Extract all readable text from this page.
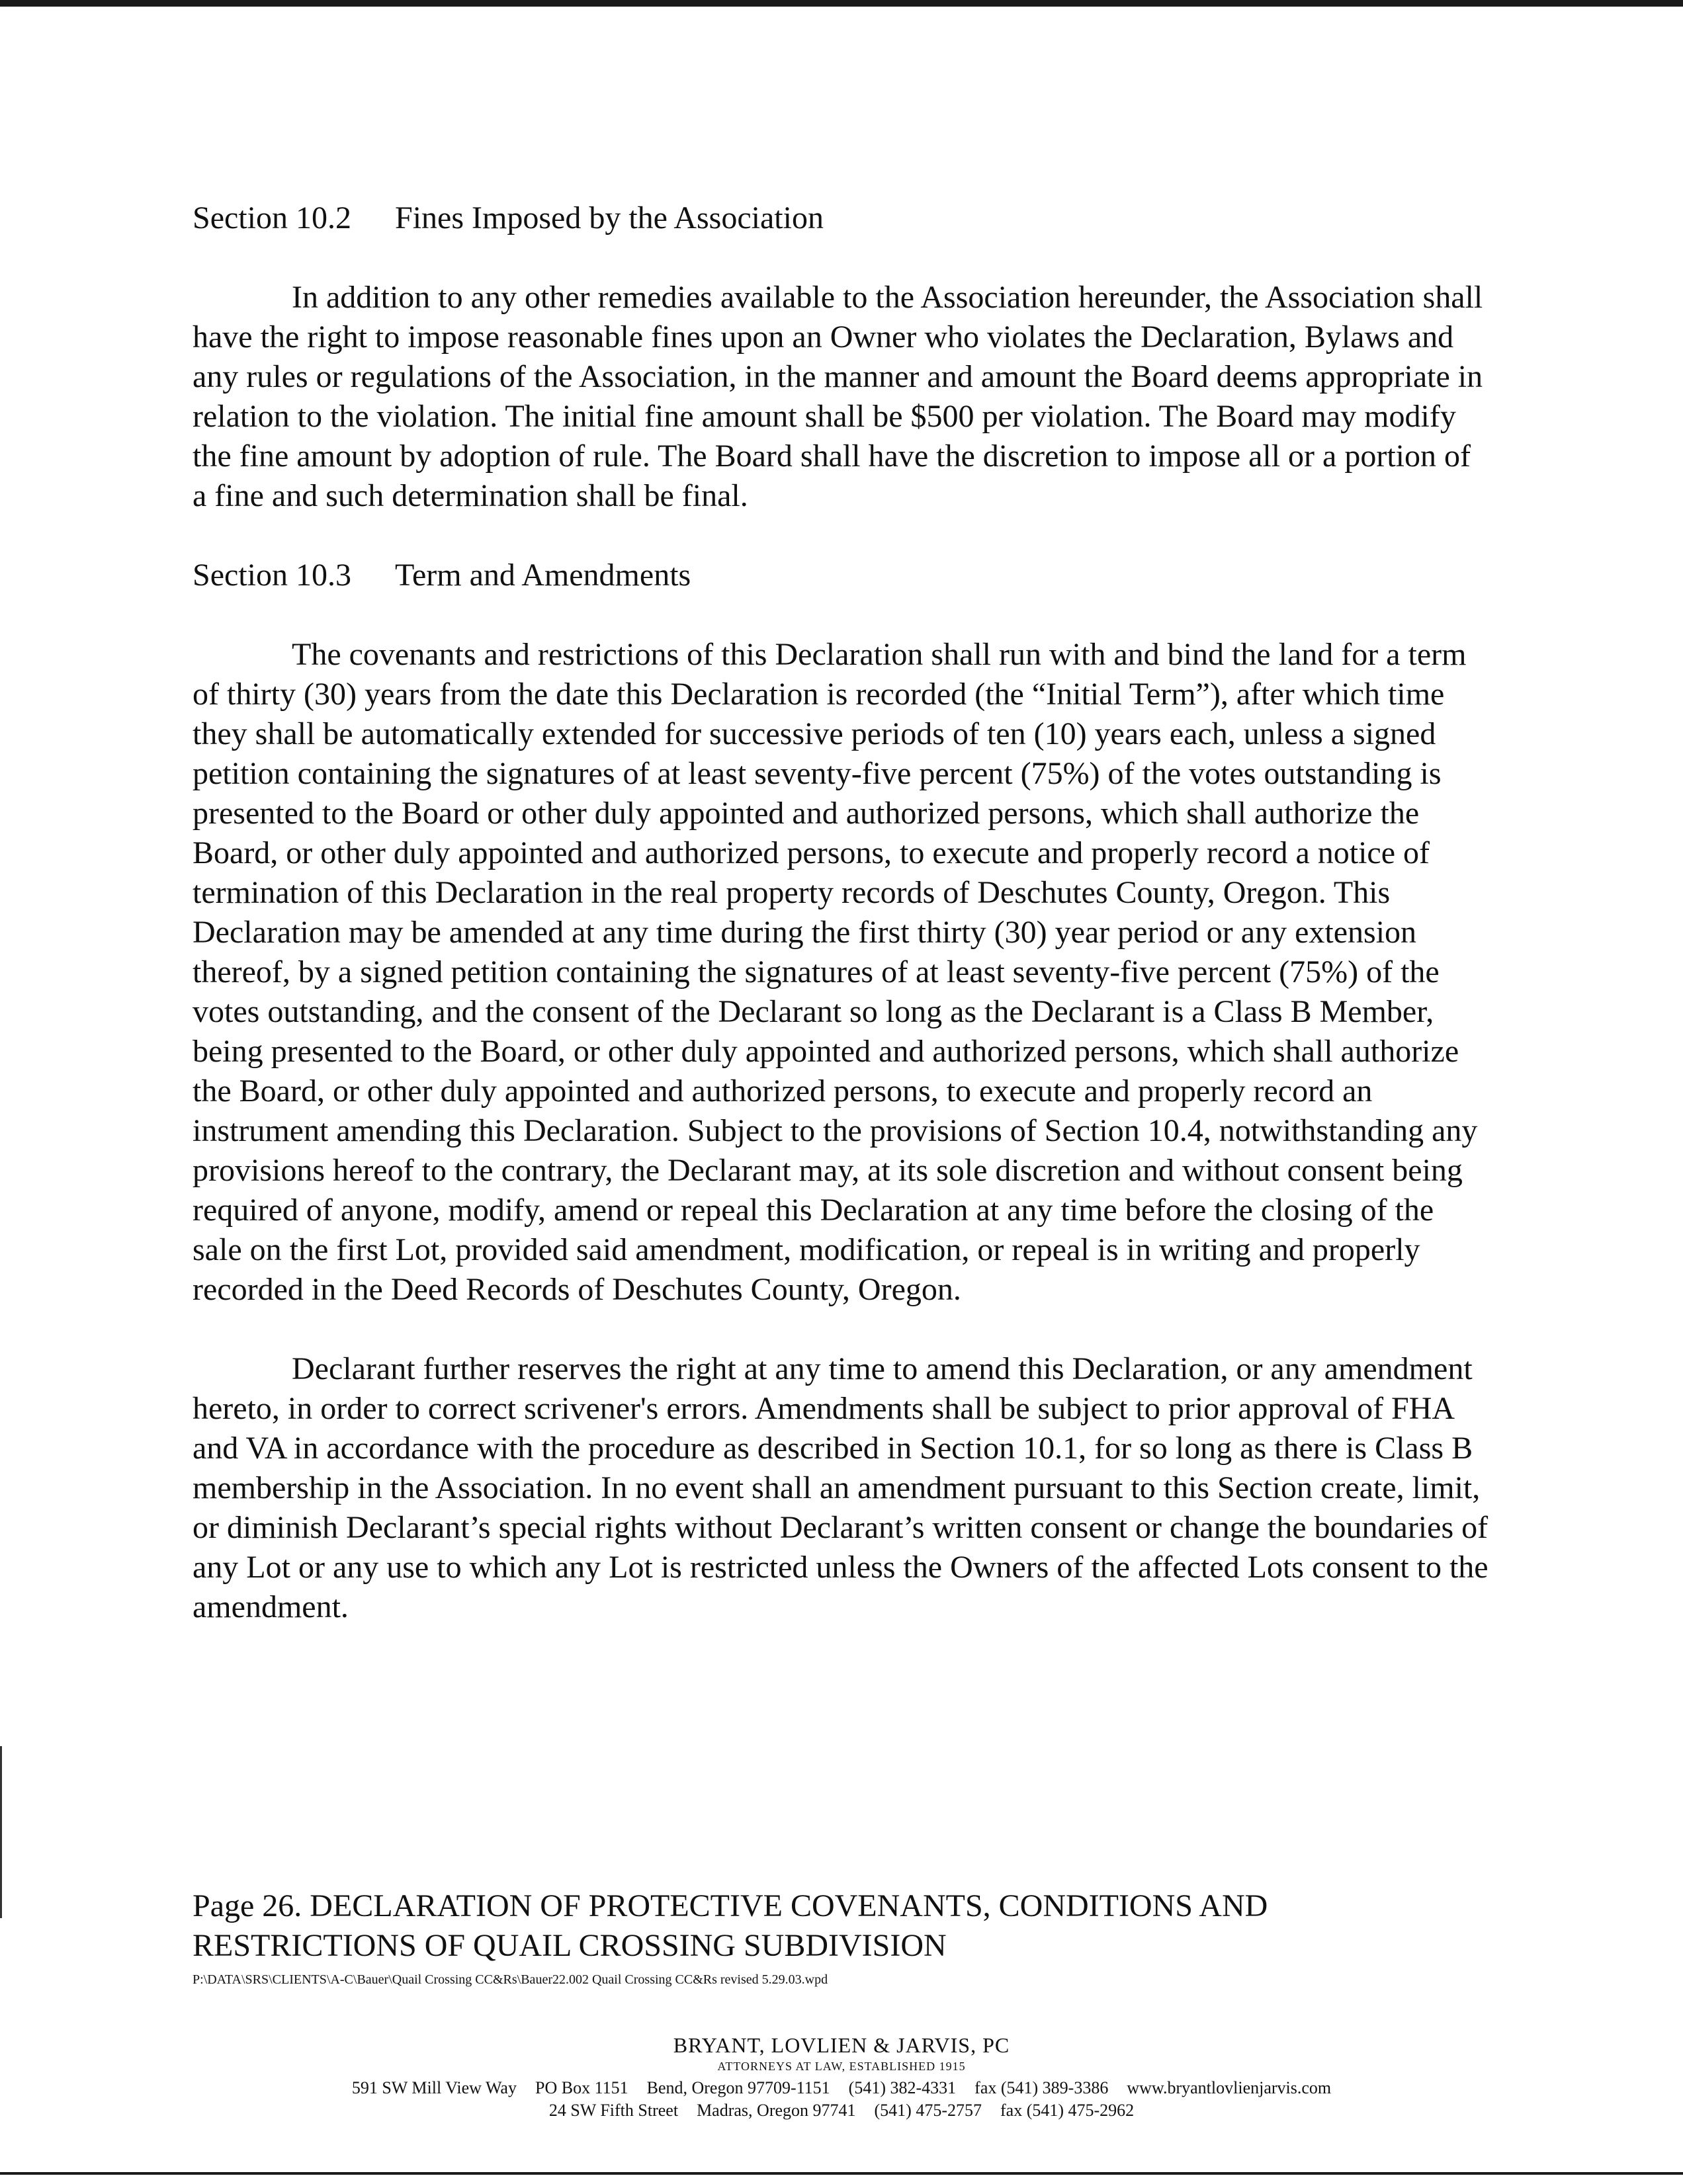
Section 10.2 Fines Imposed by the Association

In addition to any other remedies available to the Association hereunder, the Association shall have the right to impose reasonable fines upon an Owner who violates the Declaration, Bylaws and any rules or regulations of the Association, in the manner and amount the Board deems appropriate in relation to the violation. The initial fine amount shall be $500 per violation. The Board may modify the fine amount by adoption of rule. The Board shall have the discretion to impose all or a portion of a fine and such determination shall be final.

Section 10.3 Term and Amendments

The covenants and restrictions of this Declaration shall run with and bind the land for a term of thirty (30) years from the date this Declaration is recorded (the “Initial Term”), after which time they shall be automatically extended for successive periods of ten (10) years each, unless a signed petition containing the signatures of at least seventy-five percent (75%) of the votes outstanding is presented to the Board or other duly appointed and authorized persons, which shall authorize the Board, or other duly appointed and authorized persons, to execute and properly record a notice of termination of this Declaration in the real property records of Deschutes County, Oregon. This Declaration may be amended at any time during the first thirty (30) year period or any extension thereof, by a signed petition containing the signatures of at least seventy-five percent (75%) of the votes outstanding, and the consent of the Declarant so long as the Declarant is a Class B Member, being presented to the Board, or other duly appointed and authorized persons, which shall authorize the Board, or other duly appointed and authorized persons, to execute and properly record an instrument amending this Declaration. Subject to the provisions of Section 10.4, notwithstanding any provisions hereof to the contrary, the Declarant may, at its sole discretion and without consent being required of anyone, modify, amend or repeal this Declaration at any time before the closing of the sale on the first Lot, provided said amendment, modification, or repeal is in writing and properly recorded in the Deed Records of Deschutes County, Oregon.

Declarant further reserves the right at any time to amend this Declaration, or any amendment hereto, in order to correct scrivener's errors. Amendments shall be subject to prior approval of FHA and VA in accordance with the procedure as described in Section 10.1, for so long as there is Class B membership in the Association. In no event shall an amendment pursuant to this Section create, limit, or diminish Declarant’s special rights without Declarant’s written consent or change the boundaries of any Lot or any use to which any Lot is restricted unless the Owners of the affected Lots consent to the amendment.

Page 26. DECLARATION OF PROTECTIVE COVENANTS, CONDITIONS AND

RESTRICTIONS OF QUAIL CROSSING SUBDIVISION

P:\DATA\SRS\CLIENTS\A-C\Bauer\Quail Crossing CC&Rs\Bauer22.002 Quail Crossing CC&Rs revised 5.29.03.wpd

BRYANT, LOVLIEN & JARVIS, PC

ATTORNEYS AT LAW, ESTABLISHED 1915

591 SW Mill View Way PO Box 1151 Bend, Oregon 97709-1151 (541) 382-4331 fax (541) 389-3386 www.bryantlovlienjarvis.com

24 SW Fifth Street Madras, Oregon 97741 (541) 475-2757 fax (541) 475-2962
